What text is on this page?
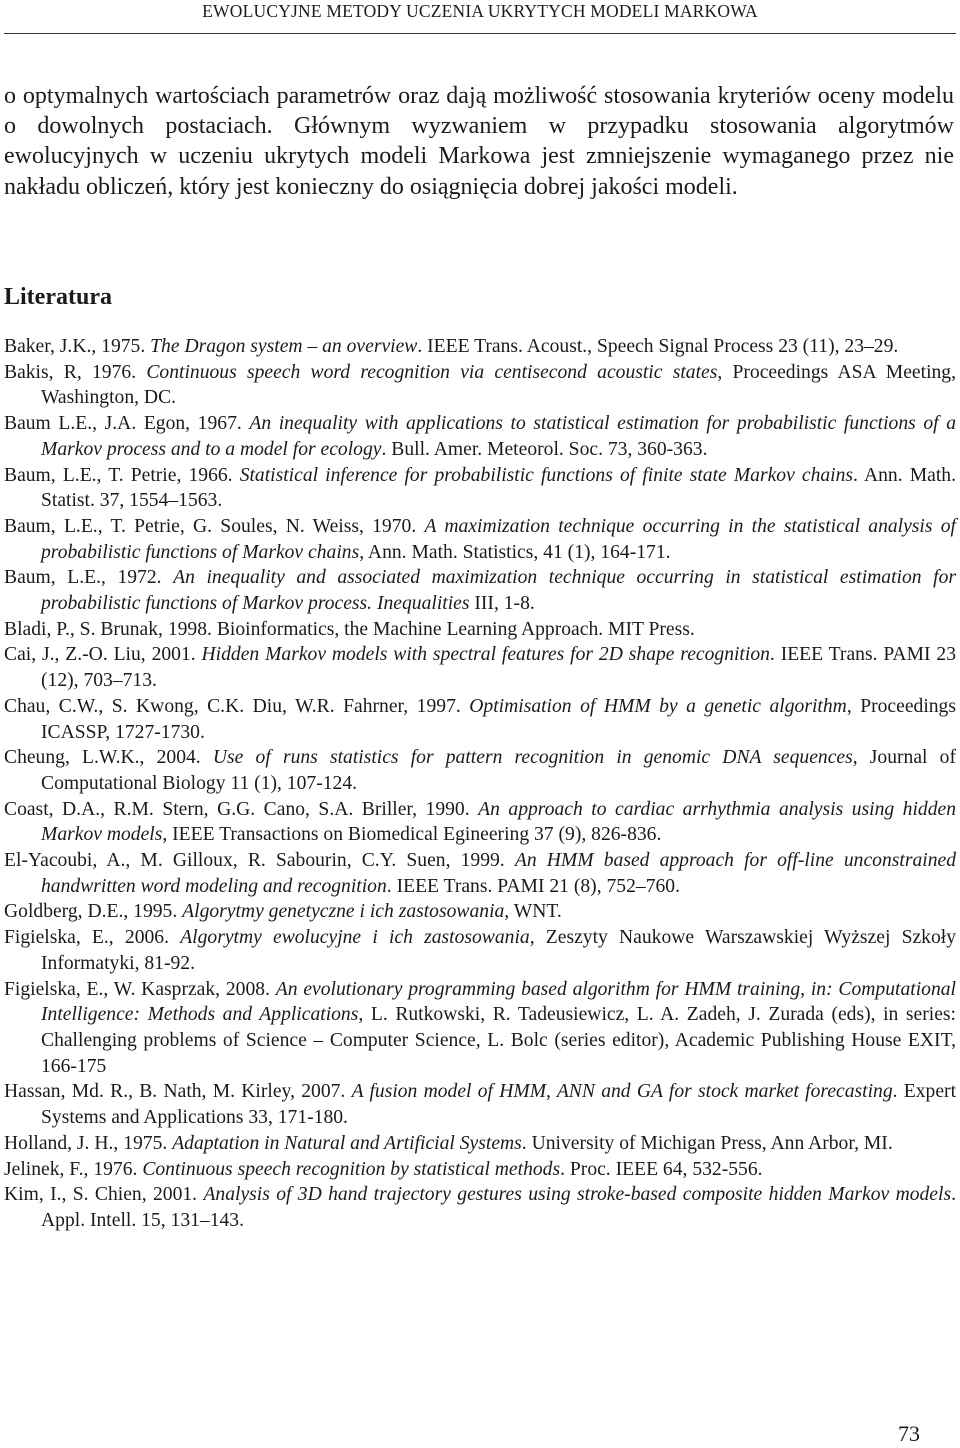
EWOLUCYJNE METODY UCZENIA UKRYTYCH MODELI MARKOWA

o optymalnych wartościach parametrów oraz dają możliwość stosowania kryteriów oceny modelu o dowolnych postaciach. Głównym wyzwaniem w przypadku stosowania algorytmów ewolucyjnych w uczeniu ukrytych modeli Markowa jest zmniejszenie wymaganego przez nie nakładu obliczeń, który jest konieczny do osiągnięcia dobrej jakości modeli.

Literatura
Baker, J.K., 1975. The Dragon system – an overview. IEEE Trans. Acoust., Speech Signal Process 23 (11), 23–29.
Bakis, R, 1976. Continuous speech word recognition via centisecond acoustic states, Proceedings ASA Meeting, Washington, DC.
Baum L.E., J.A. Egon, 1967. An inequality with applications to statistical estimation for probabilistic functions of a Markov process and to a model for ecology. Bull. Amer. Meteorol. Soc. 73, 360-363.
Baum, L.E., T. Petrie, 1966. Statistical inference for probabilistic functions of finite state Markov chains. Ann. Math. Statist. 37, 1554–1563.
Baum, L.E., T. Petrie, G. Soules, N. Weiss, 1970. A maximization technique occurring in the statistical analysis of probabilistic functions of Markov chains, Ann. Math. Statistics, 41 (1), 164-171.
Baum, L.E., 1972. An inequality and associated maximization technique occurring in statistical estimation for probabilistic functions of Markov process. Inequalities III, 1-8.
Bladi, P., S. Brunak, 1998. Bioinformatics, the Machine Learning Approach. MIT Press.
Cai, J., Z.-O. Liu, 2001. Hidden Markov models with spectral features for 2D shape recognition. IEEE Trans. PAMI 23 (12), 703–713.
Chau, C.W., S. Kwong, C.K. Diu, W.R. Fahrner, 1997. Optimisation of HMM by a genetic algorithm, Proceedings ICASSP, 1727-1730.
Cheung, L.W.K., 2004. Use of runs statistics for pattern recognition in genomic DNA sequences, Journal of Computational Biology 11 (1), 107-124.
Coast, D.A., R.M. Stern, G.G. Cano, S.A. Briller, 1990. An approach to cardiac arrhythmia analysis using hidden Markov models, IEEE Transactions on Biomedical Egineering 37 (9), 826-836.
El-Yacoubi, A., M. Gilloux, R. Sabourin, C.Y. Suen, 1999. An HMM based approach for off-line unconstrained handwritten word modeling and recognition. IEEE Trans. PAMI 21 (8), 752–760.
Goldberg, D.E., 1995. Algorytmy genetyczne i ich zastosowania, WNT.
Figielska, E., 2006. Algorytmy ewolucyjne i ich zastosowania, Zeszyty Naukowe Warszawskiej Wyższej Szkoły Informatyki, 81-92.
Figielska, E., W. Kasprzak, 2008. An evolutionary programming based algorithm for HMM training, in: Computational Intelligence: Methods and Applications, L. Rutkowski, R. Tadeusiewicz, L. A. Zadeh, J. Zurada (eds), in series: Challenging problems of Science – Computer Science, L. Bolc (series editor), Academic Publishing House EXIT, 166-175
Hassan, Md. R., B. Nath, M. Kirley, 2007. A fusion model of HMM, ANN and GA for stock market forecasting. Expert Systems and Applications 33, 171-180.
Holland, J. H., 1975. Adaptation in Natural and Artificial Systems. University of Michigan Press, Ann Arbor, MI.
Jelinek, F., 1976. Continuous speech recognition by statistical methods. Proc. IEEE 64, 532-556.
Kim, I., S. Chien, 2001. Analysis of 3D hand trajectory gestures using stroke-based composite hidden Markov models. Appl. Intell. 15, 131–143.
73
